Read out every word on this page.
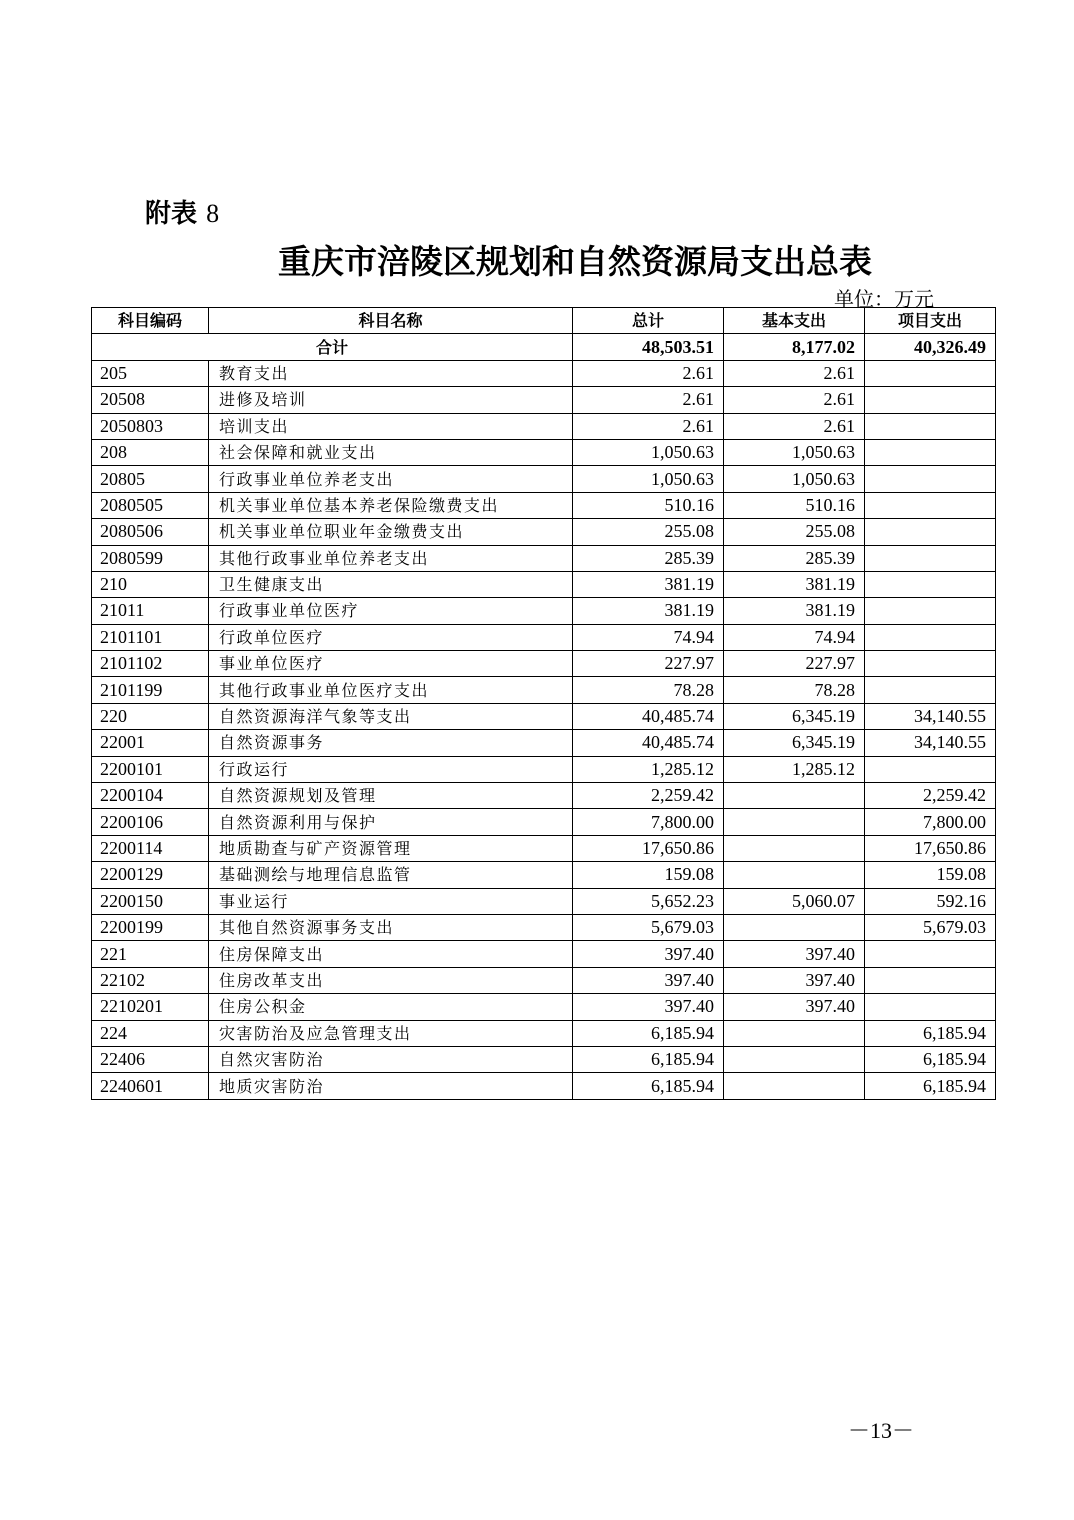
附表 8
重庆市涪陵区规划和自然资源局支出总表
单位：万元
科目编码	科目名称	总计	基本支出	项目支出
合计		48,503.51	8,177.02	40,326.49
205	教育支出	2.61	2.61	
20508	进修及培训	2.61	2.61	
2050803	培训支出	2.61	2.61	
208	社会保障和就业支出	1,050.63	1,050.63	
20805	行政事业单位养老支出	1,050.63	1,050.63	
2080505	机关事业单位基本养老保险缴费支出	510.16	510.16	
2080506	机关事业单位职业年金缴费支出	255.08	255.08	
2080599	其他行政事业单位养老支出	285.39	285.39	
210	卫生健康支出	381.19	381.19	
21011	行政事业单位医疗	381.19	381.19	
2101101	行政单位医疗	74.94	74.94	
2101102	事业单位医疗	227.97	227.97	
2101199	其他行政事业单位医疗支出	78.28	78.28	
220	自然资源海洋气象等支出	40,485.74	6,345.19	34,140.55
22001	自然资源事务	40,485.74	6,345.19	34,140.55
2200101	行政运行	1,285.12	1,285.12	
2200104	自然资源规划及管理	2,259.42		2,259.42
2200106	自然资源利用与保护	7,800.00		7,800.00
2200114	地质勘查与矿产资源管理	17,650.86		17,650.86
2200129	基础测绘与地理信息监管	159.08		159.08
2200150	事业运行	5,652.23	5,060.07	592.16
2200199	其他自然资源事务支出	5,679.03		5,679.03
221	住房保障支出	397.40	397.40	
22102	住房改革支出	397.40	397.40	
2210201	住房公积金	397.40	397.40	
224	灾害防治及应急管理支出	6,185.94		6,185.94
22406	自然灾害防治	6,185.94		6,185.94
2240601	地质灾害防治	6,185.94		6,185.94
－13－
